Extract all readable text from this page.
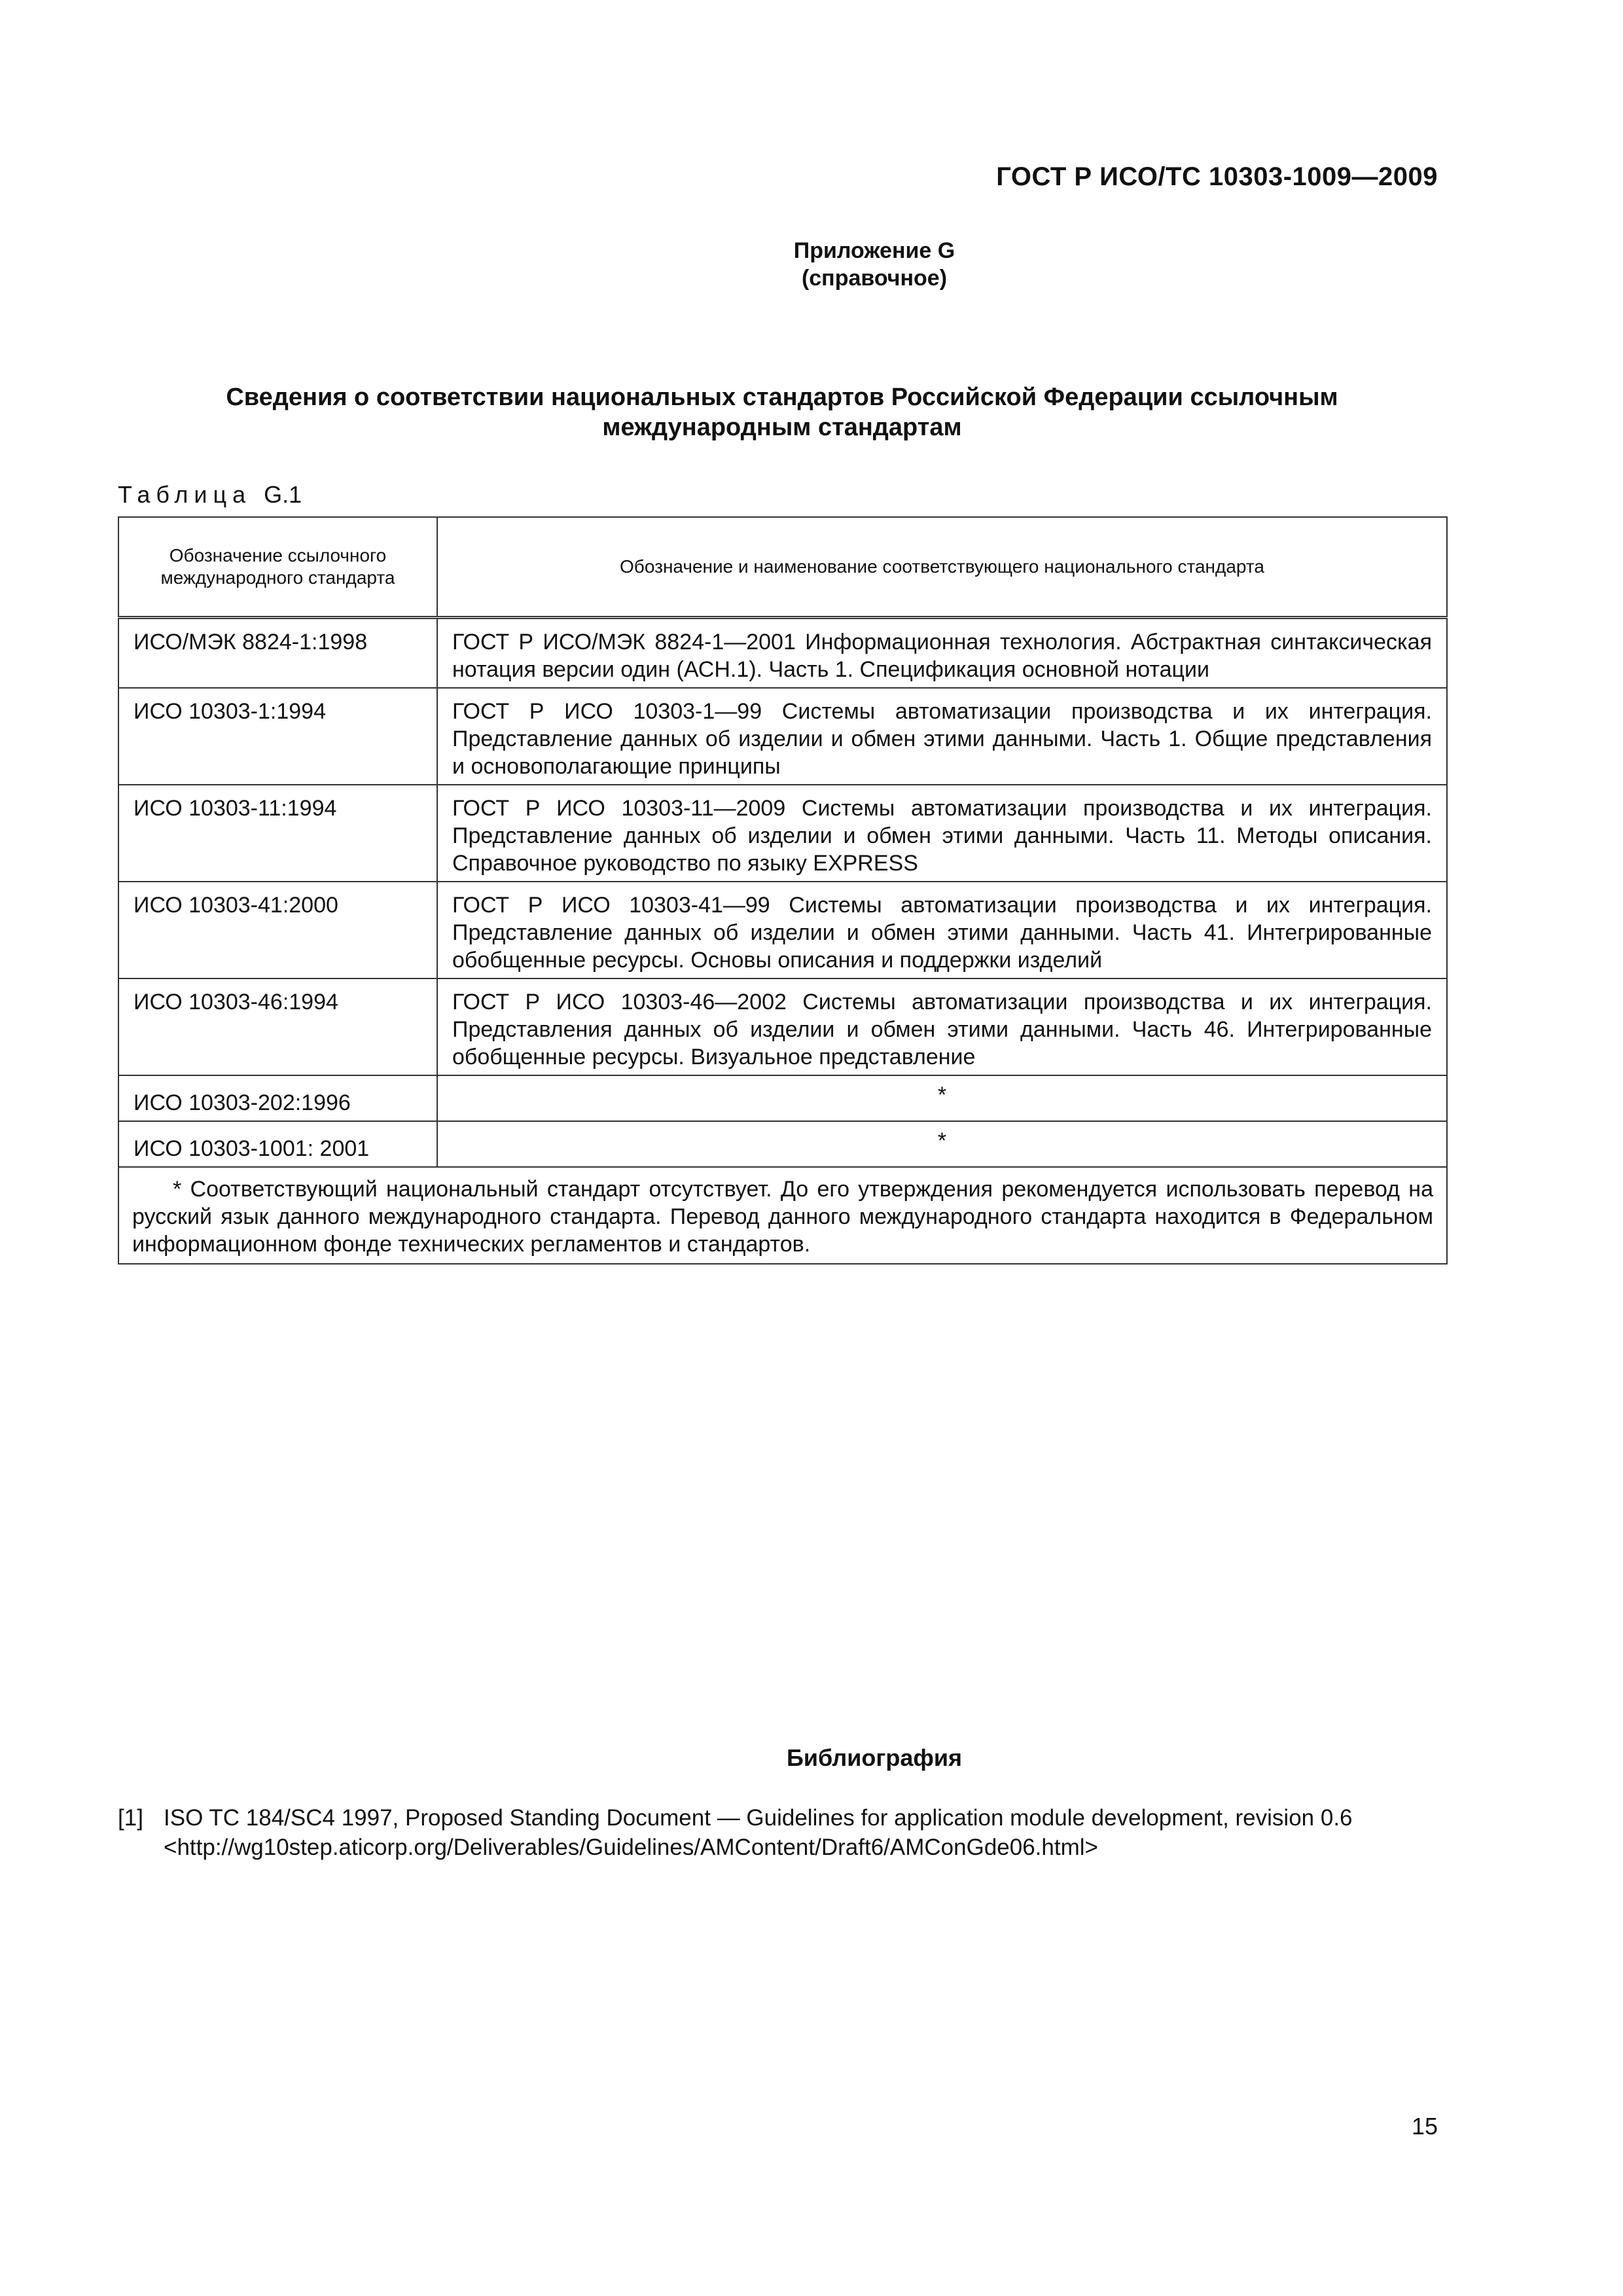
ГОСТ Р ИСО/ТС 10303-1009—2009
Приложение G
(справочное)
Сведения о соответствии национальных стандартов Российской Федерации ссылочным
международным стандартам
Таблица G.1
Обозначение ссылочного международного стандарта	Обозначение и наименование соответствующего национального стандарта
ИСО/МЭК 8824-1:1998	ГОСТ Р ИСО/МЭК 8824-1—2001 Информационная технология. Абстрактная синтаксическая нотация версии один (АСН.1). Часть 1. Спецификация основной нотации
ИСО 10303-1:1994	ГОСТ Р ИСО 10303-1—99 Системы автоматизации производства и их интеграция. Представление данных об изделии и обмен этими данными. Часть 1. Общие представления и основополагающие принципы
ИСО 10303-11:1994	ГОСТ Р ИСО 10303-11—2009 Системы автоматизации производства и их интеграция. Представление данных об изделии и обмен этими данными. Часть 11. Методы описания. Справочное руководство по языку EXPRESS
ИСО 10303-41:2000	ГОСТ Р ИСО 10303-41—99 Системы автоматизации производства и их интеграция. Представление данных об изделии и обмен этими данными. Часть 41. Интегрированные обобщенные ресурсы. Основы описания и поддержки изделий
ИСО 10303-46:1994	ГОСТ Р ИСО 10303-46—2002 Системы автоматизации производства и их интеграция. Представления данных об изделии и обмен этими данными. Часть 46. Интегрированные обобщенные ресурсы. Визуальное представление
ИСО 10303-202:1996	*
ИСО 10303-1001: 2001	*
* Соответствующий национальный стандарт отсутствует. До его утверждения рекомендуется использовать перевод на русский язык данного международного стандарта. Перевод данного международного стандарта находится в Федеральном информационном фонде технических регламентов и стандартов.	
Библиография
[1] ISO TC 184/SC4 1997, Proposed Standing Document — Guidelines for application module development, revision 0.6
<http://wg10step.aticorp.org/Deliverables/Guidelines/AMContent/Draft6/AMConGde06.html>
15
